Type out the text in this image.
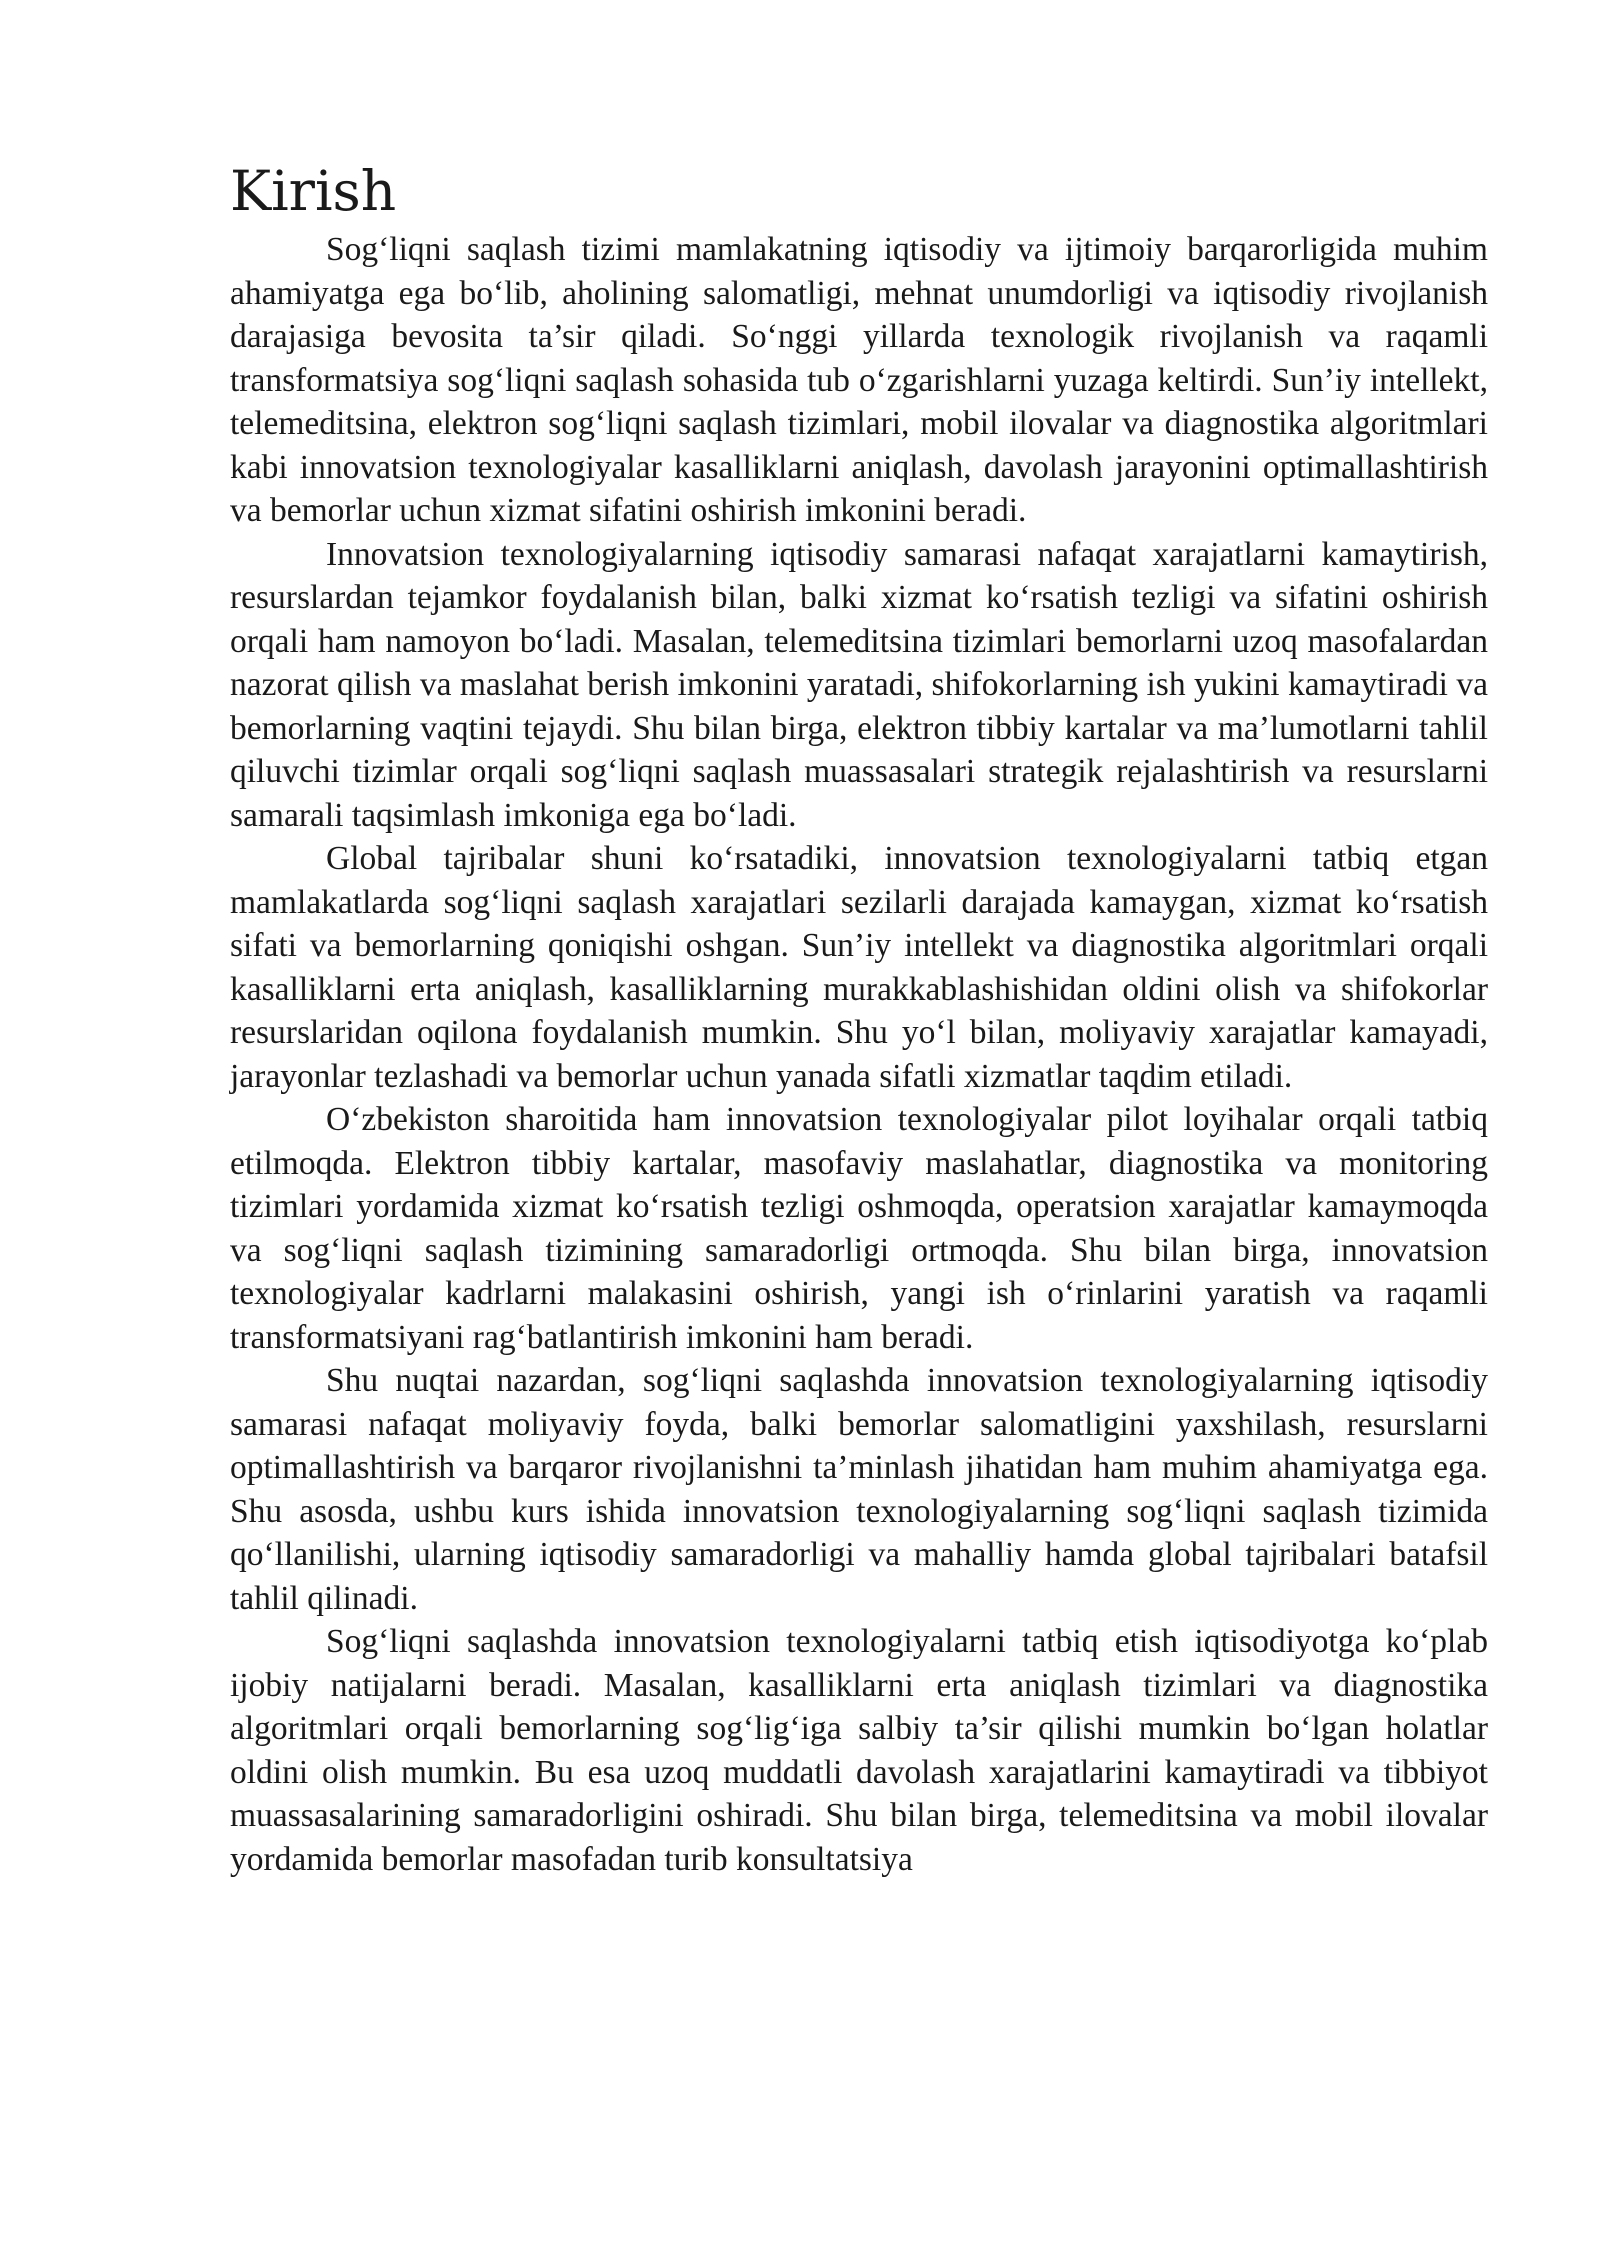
Kirish

Sog‘liqni saqlash tizimi mamlakatning iqtisodiy va ijtimoiy barqarorligida muhim ahamiyatga ega bo‘lib, aholining salomatligi, mehnat unumdorligi va iqtisodiy rivojlanish darajasiga bevosita ta’sir qiladi. So‘nggi yillarda texnologik rivojlanish va raqamli transformatsiya sog‘liqni saqlash sohasida tub o‘zgarishlarni yuzaga keltirdi. Sun’iy intellekt, telemeditsina, elektron sog‘liqni saqlash tizimlari, mobil ilovalar va diagnostika algoritmlari kabi innovatsion texnologiyalar kasalliklarni aniqlash, davolash jarayonini optimallashtirish va bemorlar uchun xizmat sifatini oshirish imkonini beradi.

Innovatsion texnologiyalarning iqtisodiy samarasi nafaqat xarajatlarni kamaytirish, resurslardan tejamkor foydalanish bilan, balki xizmat ko‘rsatish tezligi va sifatini oshirish orqali ham namoyon bo‘ladi. Masalan, telemeditsina tizimlari bemorlarni uzoq masofalardan nazorat qilish va maslahat berish imkonini yaratadi, shifokorlarning ish yukini kamaytiradi va bemorlarning vaqtini tejaydi. Shu bilan birga, elektron tibbiy kartalar va ma’lumotlarni tahlil qiluvchi tizimlar orqali sog‘liqni saqlash muassasalari strategik rejalashtirish va resurslarni samarali taqsimlash imkoniga ega bo‘ladi.

Global tajribalar shuni ko‘rsatadiki, innovatsion texnologiyalarni tatbiq etgan mamlakatlarda sog‘liqni saqlash xarajatlari sezilarli darajada kamaygan, xizmat ko‘rsatish sifati va bemorlarning qoniqishi oshgan. Sun’iy intellekt va diagnostika algoritmlari orqali kasalliklarni erta aniqlash, kasalliklarning murakkablashishidan oldini olish va shifokorlar resurslaridan oqilona foydalanish mumkin. Shu yo‘l bilan, moliyaviy xarajatlar kamayadi, jarayonlar tezlashadi va bemorlar uchun yanada sifatli xizmatlar taqdim etiladi.

O‘zbekiston sharoitida ham innovatsion texnologiyalar pilot loyihalar orqali tatbiq etilmoqda. Elektron tibbiy kartalar, masofaviy maslahatlar, diagnostika va monitoring tizimlari yordamida xizmat ko‘rsatish tezligi oshmoqda, operatsion xarajatlar kamaymoqda va sog‘liqni saqlash tizimining samaradorligi ortmoqda. Shu bilan birga, innovatsion texnologiyalar kadrlarni malakasini oshirish, yangi ish o‘rinlarini yaratish va raqamli transformatsiyani rag‘batlantirish imkonini ham beradi.

Shu nuqtai nazardan, sog‘liqni saqlashda innovatsion texnologiyalarning iqtisodiy samarasi nafaqat moliyaviy foyda, balki bemorlar salomatligini yaxshilash, resurslarni optimallashtirish va barqaror rivojlanishni ta’minlash jihatidan ham muhim ahamiyatga ega. Shu asosda, ushbu kurs ishida innovatsion texnologiyalarning sog‘liqni saqlash tizimida qo‘llanilishi, ularning iqtisodiy samaradorligi va mahalliy hamda global tajribalari batafsil tahlil qilinadi.

Sog‘liqni saqlashda innovatsion texnologiyalarni tatbiq etish iqtisodiyotga ko‘plab ijobiy natijalarni beradi. Masalan, kasalliklarni erta aniqlash tizimlari va diagnostika algoritmlari orqali bemorlarning sog‘lig‘iga salbiy ta’sir qilishi mumkin bo‘lgan holatlar oldini olish mumkin. Bu esa uzoq muddatli davolash xarajatlarini kamaytiradi va tibbiyot muassasalarining samaradorligini oshiradi. Shu bilan birga, telemeditsina va mobil ilovalar yordamida bemorlar masofadan turib konsultatsiya
